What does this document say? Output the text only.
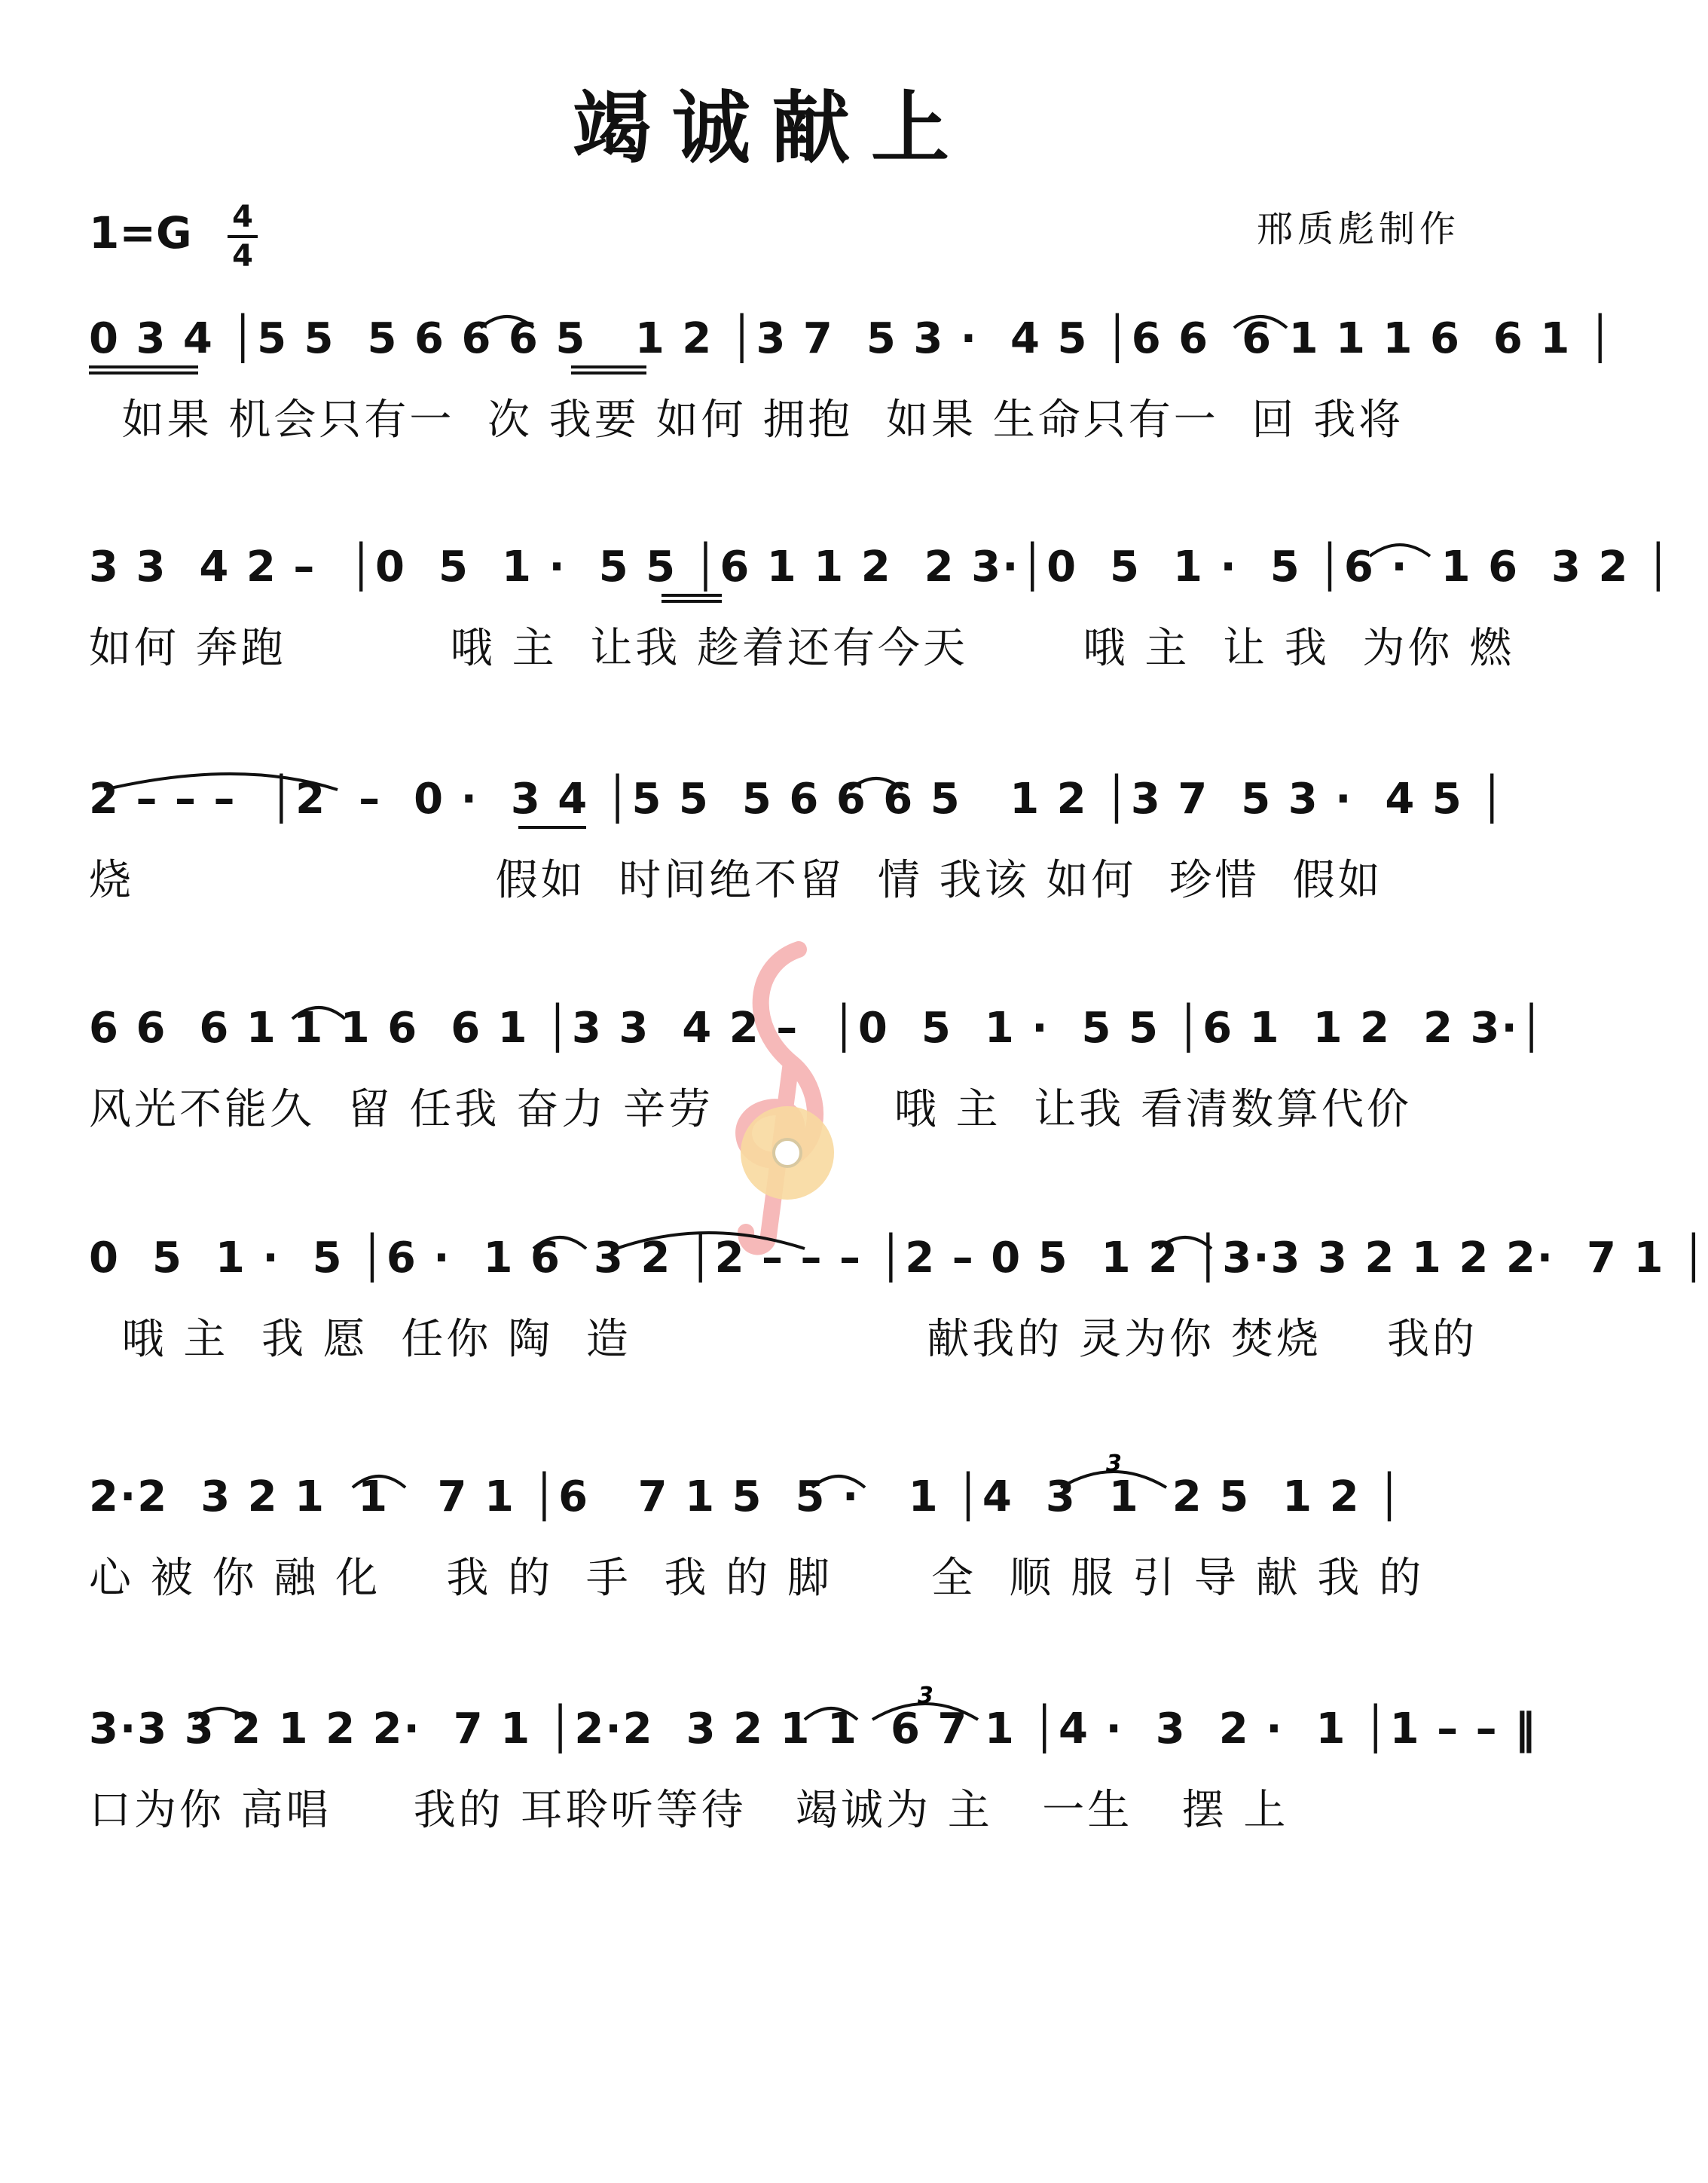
竭诚献上
1=G 4
4
邢质彪制作
0 3 4 │5 5  5 6 6 6 5   1 2 │3 7  5 3 ·  4 5 │6 6  6 1 1 1 6  6 1 │
如果 机会只有一  次 我要 如何 拥抱  如果 生命只有一  回 我将
3 3  4 2 –  │0  5  1 ·  5 5 │6 1 1 2  2 3·│0  5  1 ·  5 │6 ·  1 6  3 2 │
如何 奔跑          哦 主  让我 趁着还有今天       哦 主  让 我  为你 燃
2 – – –  │2  –  0 ·  3 4 │5 5  5 6 6 6 5   1 2 │3 7  5 3 ·  4 5 │
烧                      假如  时间绝不留  情 我该 如何  珍惜  假如
6 6  6 1 1 1 6  6 1 │3 3  4 2 –  │0  5  1 ·  5 5 │6 1  1 2  2 3·│
风光不能久  留 任我 奋力 辛劳           哦 主  让我 看清数算代价
0  5  1 ·  5 │6 ·  1 6  3 2 │2 – – – │2 – 0 5  1 2 │3·3 3 2 1 2 2·  7 1 │
哦 主  我 愿  任你 陶  造                  献我的 灵为你 焚烧    我的
3
2·2  3 2 1  1   7 1 │6   7 1 5  5 ·   1 │4  3  1  2 5  1 2 │
心 被 你 融 化    我 的  手  我 的 脚      全  顺 服 引 导 献 我 的
3
3·3 3 2 1 2 2·  7 1 │2·2  3 2 1 1  6 7 1 │4 ·  3  2 ·  1 │1 – – ‖
口为你 高唱     我的 耳聆听等待   竭诚为 主   一生   摆 上
